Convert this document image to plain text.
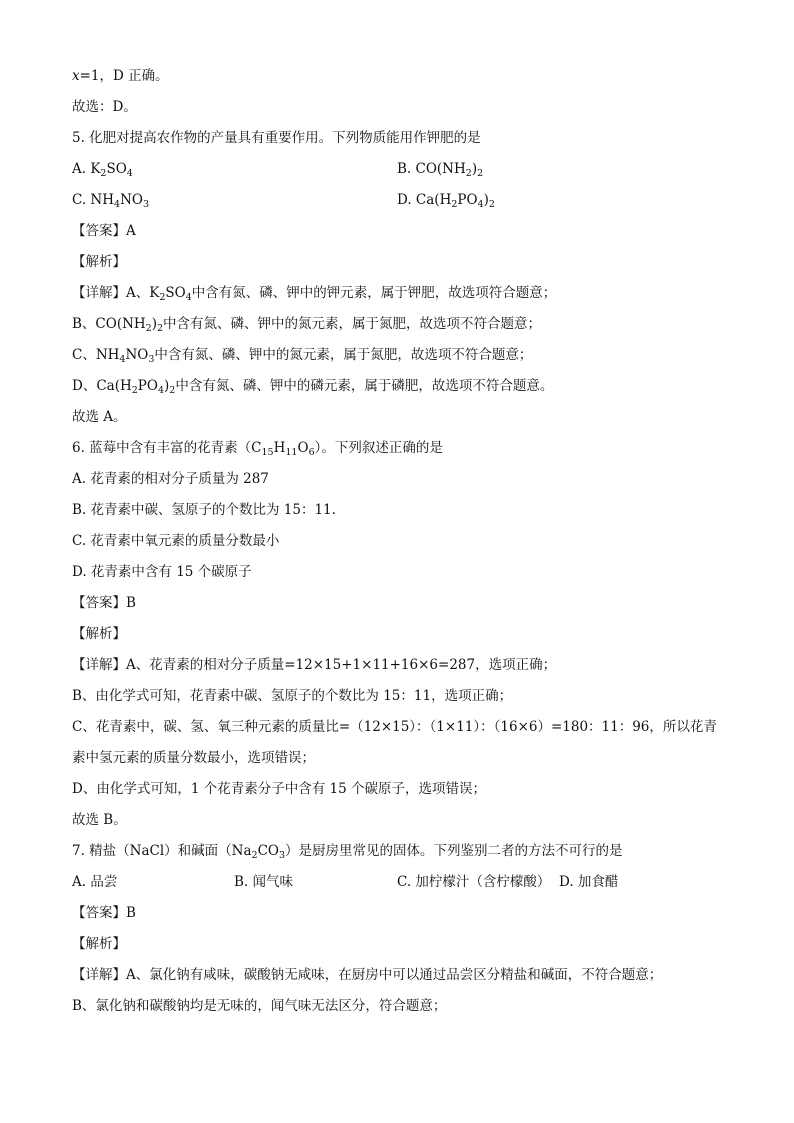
x=1，D 正确。
故选：D。
5. 化肥对提高农作物的产量具有重要作用。下列物质能用作钾肥的是
A. $K_2SO_4$	B. $CO(NH_2)_2$
C. $NH_4NO_3$	D. $Ca(H_2PO_4)_2$
【答案】A
【解析】
【详解】A、$K_2SO_4$中含有氮、磷、钾中的钾元素，属于钾肥，故选项符合题意；
B、$CO(NH_2)_2$中含有氮、磷、钾中的氮元素，属于氮肥，故选项不符合题意；
C、$NH_4NO_3$中含有氮、磷、钾中的氮元素，属于氮肥，故选项不符合题意；
D、$Ca(H_2PO_4)_2$中含有氮、磷、钾中的磷元素，属于磷肥，故选项不符合题意。
故选 A。
6. 蓝莓中含有丰富的花青素$(C_{15}H_{11}O_6)$。下列叙述正确的是
A. 花青素的相对分子质量为 287
B. 花青素中碳、氢原子的个数比为 15：11.
C. 花青素中氧元素的质量分数最小
D. 花青素中含有 15 个碳原子
【答案】B
【解析】
【详解】A、花青素的相对分子质量=12×15+1×11+16×6=287，选项正确；
B、由化学式可知，花青素中碳、氢原子的个数比为 15：11，选项正确；
C、花青素中，碳、氢、氧三种元素的质量比=（12×15）：（1×11）：（16×6）=180：11：96，所以花青
素中氢元素的质量分数最小，选项错误；
D、由化学式可知，1 个花青素分子中含有 15 个碳原子，选项错误；
故选 B。
7. 精盐（NaCl）和碱面$(Na_2CO_3)$是厨房里常见的固体。下列鉴别二者的方法不可行的是
A. 品尝	B. 闻气味	C. 加柠檬汁（含柠檬酸） D. 加食醋
【答案】B
【解析】
【详解】A、氯化钠有咸味，碳酸钠无咸味，在厨房中可以通过品尝区分精盐和碱面，不符合题意；
B、氯化钠和碳酸钠均是无味的，闻气味无法区分，符合题意；
